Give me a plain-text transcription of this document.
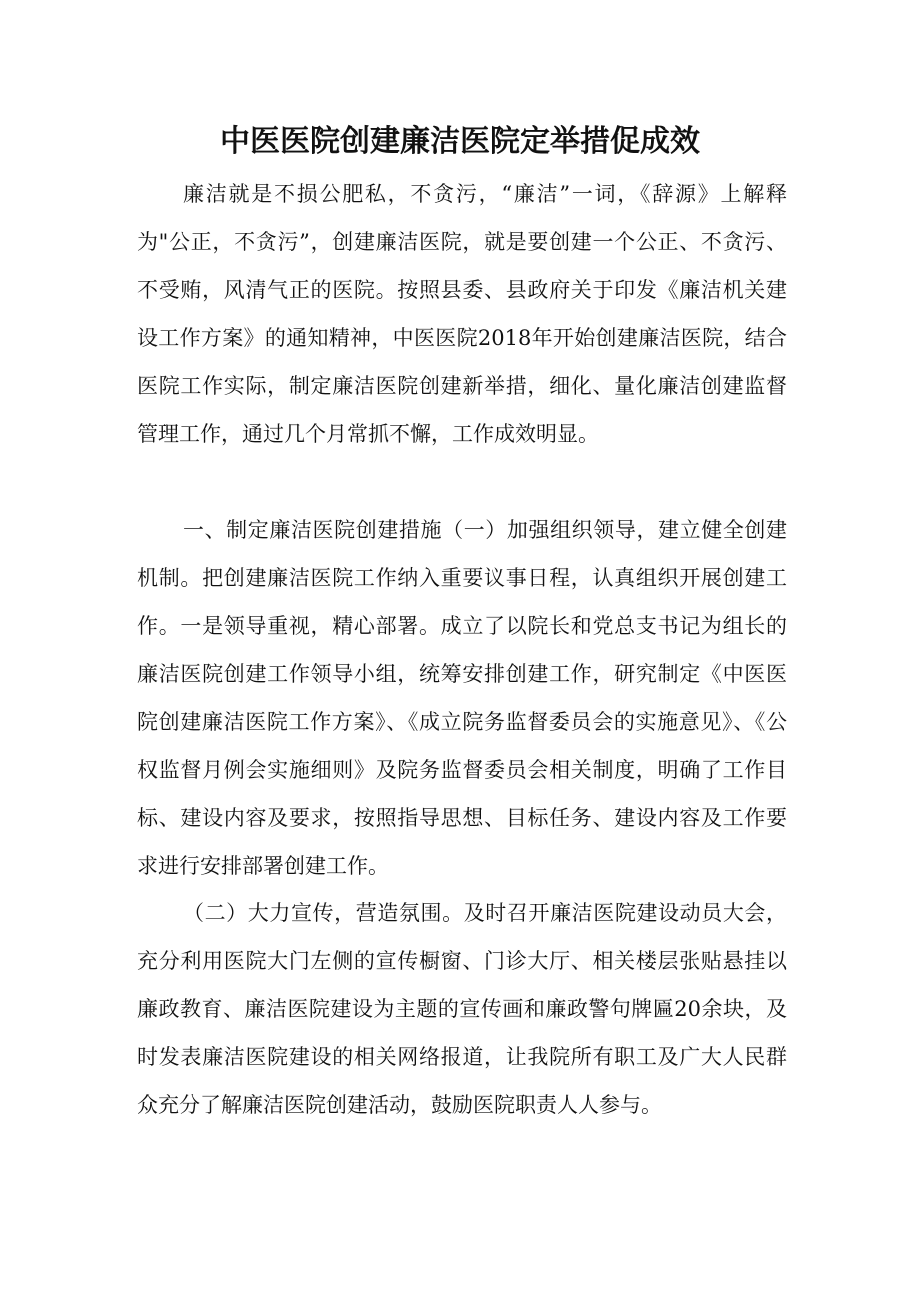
中医医院创建廉洁医院定举措促成效

廉洁就是不损公肥私，不贪污，“廉洁”一词，《辞源》上解释为"公正，不贪污”，创建廉洁医院，就是要创建一个公正、不贪污、不受贿，风清气正的医院。按照县委、县政府关于印发《廉洁机关建设工作方案》的通知精神，中医医院2018年开始创建廉洁医院，结合医院工作实际，制定廉洁医院创建新举措，细化、量化廉洁创建监督管理工作，通过几个月常抓不懈，工作成效明显。

一、制定廉洁医院创建措施（一）加强组织领导，建立健全创建机制。把创建廉洁医院工作纳入重要议事日程，认真组织开展创建工作。一是领导重视，精心部署。成立了以院长和党总支书记为组长的廉洁医院创建工作领导小组，统筹安排创建工作，研究制定《中医医院创建廉洁医院工作方案》、《成立院务监督委员会的实施意见》、《公权监督月例会实施细则》及院务监督委员会相关制度，明确了工作目标、建设内容及要求，按照指导思想、目标任务、建设内容及工作要求进行安排部署创建工作。

（二）大力宣传，营造氛围。及时召开廉洁医院建设动员大会，充分利用医院大门左侧的宣传橱窗、门诊大厅、相关楼层张贴悬挂以廉政教育、廉洁医院建设为主题的宣传画和廉政警句牌匾20余块，及时发表廉洁医院建设的相关网络报道，让我院所有职工及广大人民群众充分了解廉洁医院创建活动，鼓励医院职责人人参与。
